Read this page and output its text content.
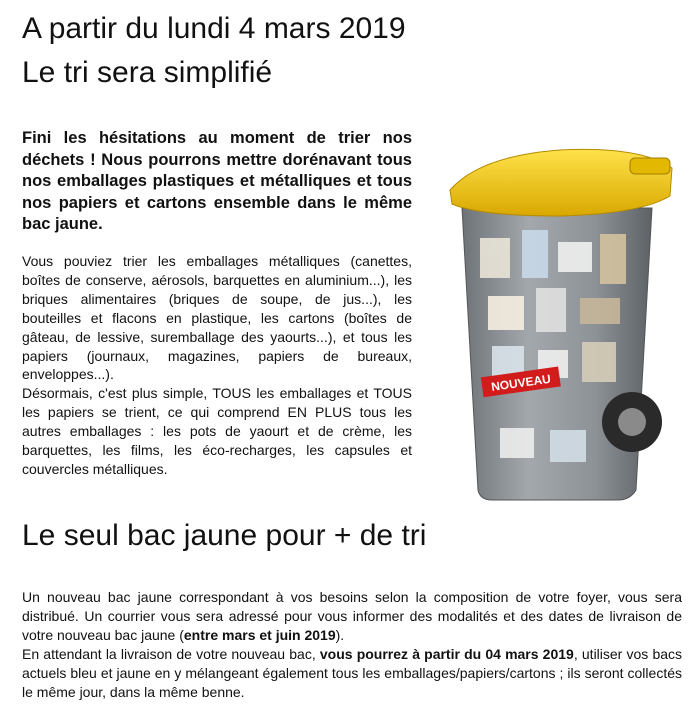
A partir du lundi 4 mars 2019
Le tri sera simplifié
Fini les hésitations au moment de trier nos déchets ! Nous pourrons mettre dorénavant tous nos emballages plastiques et métalliques et tous nos papiers et cartons ensemble dans le même bac jaune.

Vous pouviez trier les emballages métalliques (canettes, boîtes de conserve, aérosols, barquettes en aluminium...), les briques alimentaires (briques de soupe, de jus...), les bouteilles et flacons en plastique, les cartons (boîtes de gâteau, de lessive, suremballage des yaourts...), et tous les papiers (journaux, magazines, papiers de bureaux, enveloppes...).

Désormais, c'est plus simple, TOUS les emballages et TOUS les papiers se trient, ce qui comprend EN PLUS tous les autres emballages : les pots de yaourt et de crème, les barquettes, les films, les éco-recharges, les capsules et couvercles métalliques.

NOUVEAU
Le seul bac jaune pour + de tri

Un nouveau bac jaune correspondant à vos besoins selon la composition de votre foyer, vous sera distribué. Un courrier vous sera adressé pour vous informer des modalités et des dates de livraison de votre nouveau bac jaune (entre mars et juin 2019).

En attendant la livraison de votre nouveau bac, vous pourrez à partir du 04 mars 2019, utiliser vos bacs actuels bleu et jaune en y mélangeant également tous les emballages/papiers/cartons ; ils seront collectés le même jour, dans la même benne.
